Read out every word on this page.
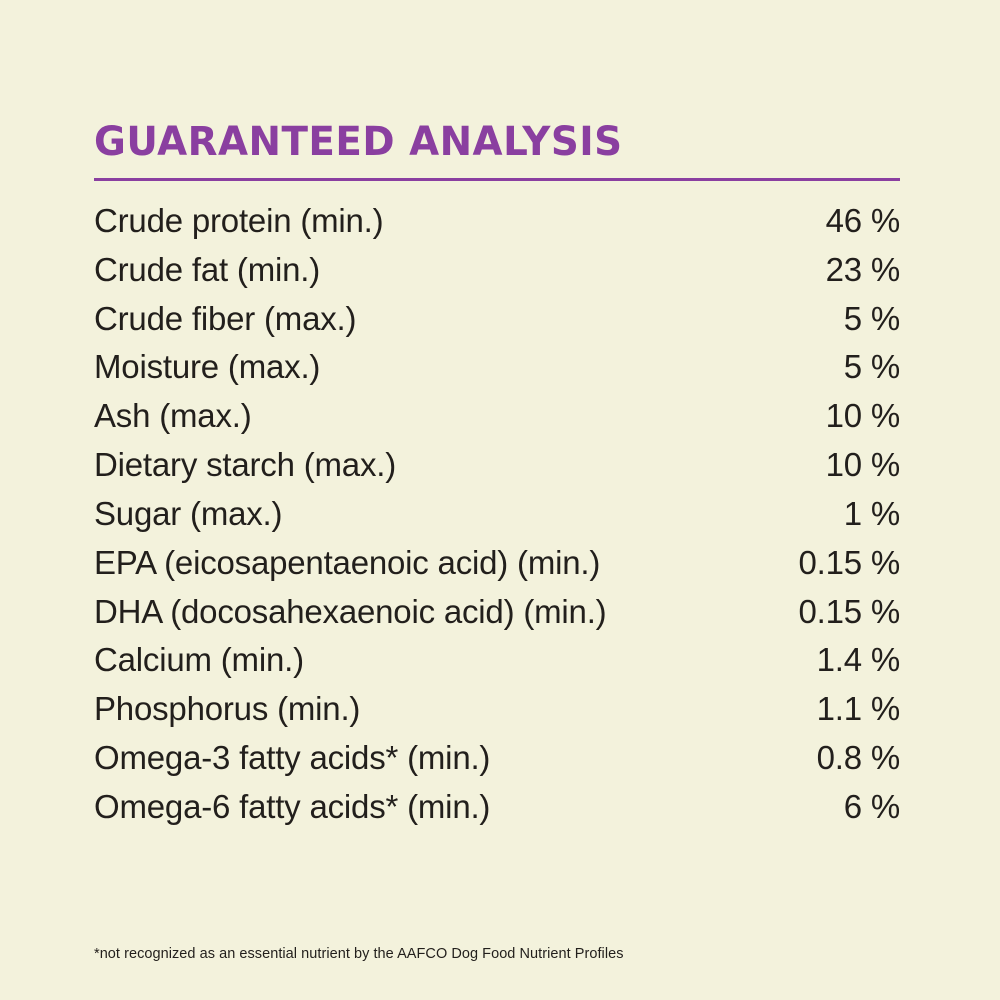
GUARANTEED ANALYSIS
Crude protein (min.)	46 %
Crude fat (min.)	23 %
Crude fiber (max.)	5 %
Moisture (max.)	5 %
Ash (max.)	10 %
Dietary starch (max.)	10 %
Sugar (max.)	1 %
EPA (eicosapentaenoic acid) (min.)	0.15 %
DHA (docosahexaenoic acid) (min.)	0.15 %
Calcium (min.)	1.4 %
Phosphorus (min.)	1.1 %
Omega-3 fatty acids* (min.)	0.8 %
Omega-6 fatty acids* (min.)	6 %
*not recognized as an essential nutrient by the AAFCO Dog Food Nutrient Profiles
